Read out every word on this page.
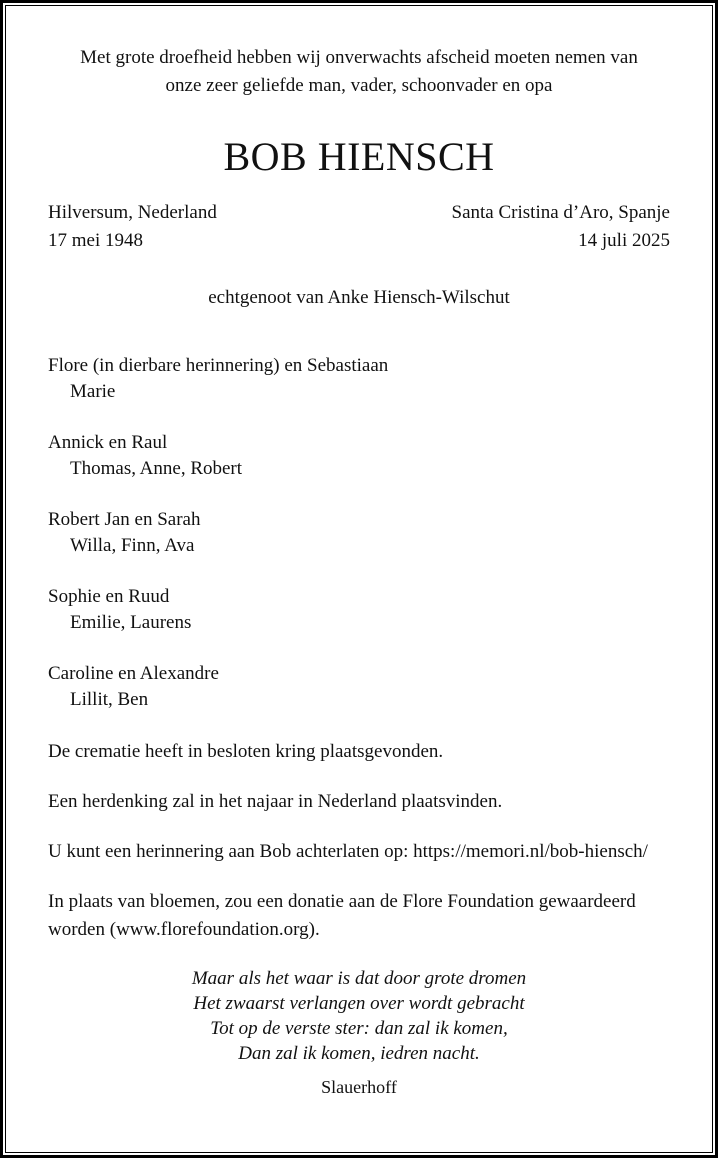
Met grote droefheid hebben wij onverwachts afscheid moeten nemen van
onze zeer geliefde man, vader, schoonvader en opa

BOB HIENSCH
Hilversum, Nederland
17 mei 1948
Santa Cristina d’Aro, Spanje
14 juli 2025
echtgenoot van Anke Hiensch-Wilschut
Flore (in dierbare herinnering) en Sebastiaan
Marie
Annick en Raul
Thomas, Anne, Robert
Robert Jan en Sarah
Willa, Finn, Ava
Sophie en Ruud
Emilie, Laurens
Caroline en Alexandre
Lillit, Ben

De crematie heeft in besloten kring plaatsgevonden.

Een herdenking zal in het najaar in Nederland plaatsvinden.

U kunt een herinnering aan Bob achterlaten op: https://memori.nl/bob-hiensch/

In plaats van bloemen, zou een donatie aan de Flore Foundation gewaardeerd
worden (www.florefoundation.org).

Maar als het waar is dat door grote dromen
Het zwaarst verlangen over wordt gebracht
Tot op de verste ster: dan zal ik komen,
Dan zal ik komen, iedren nacht.
Slauerhoff
